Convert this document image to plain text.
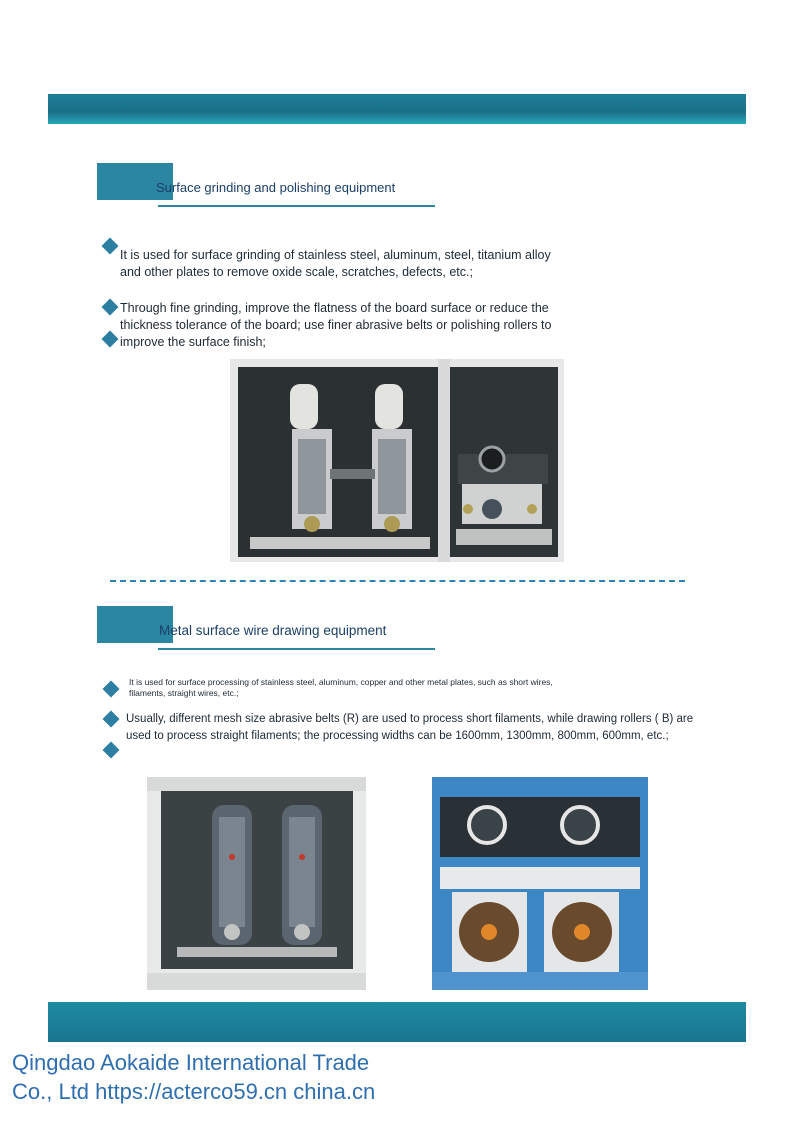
Surface grinding and polishing equipment
It is used for surface grinding of stainless steel, aluminum, steel, titanium alloy and other plates to remove oxide scale, scratches, defects, etc.;
Through fine grinding, improve the flatness of the board surface or reduce the thickness tolerance of the board; use finer abrasive belts or polishing rollers to improve the surface finish;
Metal surface wire drawing equipment
It is used for surface processing of stainless steel, aluminum, copper and other metal plates, such as short wires, filaments, straight wires, etc.;
Usually, different mesh size abrasive belts (R) are used to process short filaments, while drawing rollers ( B) are used to process straight filaments; the processing widths can be 1600mm, 1300mm, 800mm, 600mm, etc.;
Qingdao Aokaide International Trade
Co., Ltd https://acterco59.cn china.cn
